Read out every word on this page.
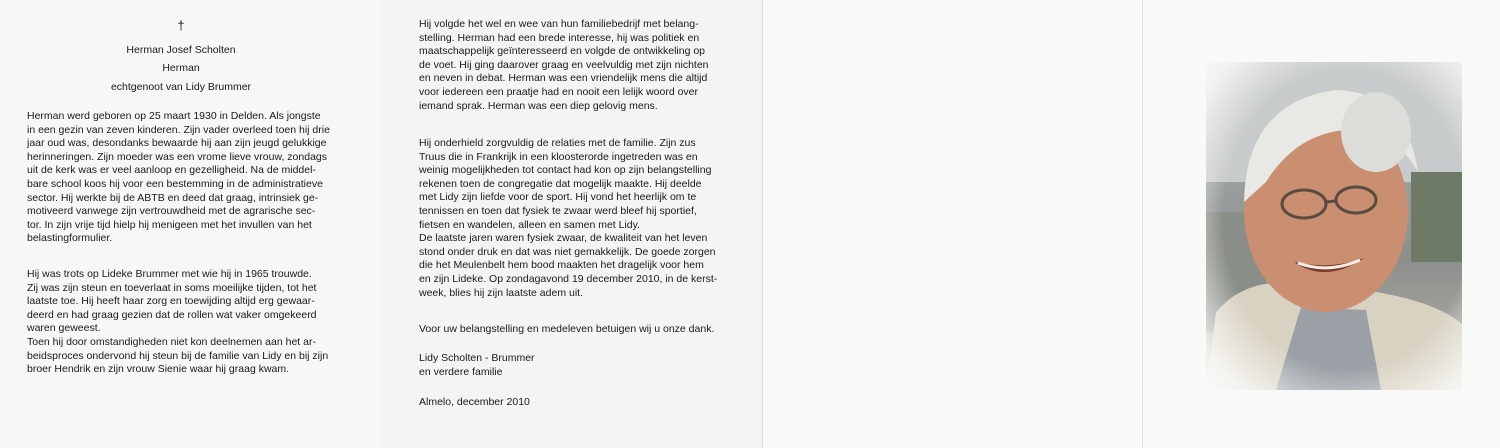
†
Herman Josef Scholten
Herman
echtgenoot van Lidy Brummer
Herman werd geboren op 25 maart 1930 in Delden. Als jongste
in een gezin van zeven kinderen. Zijn vader overleed toen hij drie
jaar oud was, desondanks bewaarde hij aan zijn jeugd gelukkige
herinneringen. Zijn moeder was een vrome lieve vrouw, zondags
uit de kerk was er veel aanloop en gezelligheid. Na de middel-
bare school koos hij voor een bestemming in de administratieve
sector. Hij werkte bij de ABTB en deed dat graag, intrinsiek ge-
motiveerd vanwege zijn vertrouwdheid met de agrarische sec-
tor. In zijn vrije tijd hielp hij menigeen met het invullen van het
belastingformulier.
Hij was trots op Lideke Brummer met wie hij in 1965 trouwde.
Zij was zijn steun en toeverlaat in soms moeilijke tijden, tot het
laatste toe. Hij heeft haar zorg en toewijding altijd erg gewaar-
deerd en had graag gezien dat de rollen wat vaker omgekeerd
waren geweest.
Toen hij door omstandigheden niet kon deelnemen aan het ar-
beidsproces ondervond hij steun bij de familie van Lidy en bij zijn
broer Hendrik en zijn vrouw Sienie waar hij graag kwam.
Hij volgde het wel en wee van hun familiebedrijf met belang-
stelling. Herman had een brede interesse, hij was politiek en
maatschappelijk geïnteresseerd en volgde de ontwikkeling op
de voet. Hij ging daarover graag en veelvuldig met zijn nichten
en neven in debat. Herman was een vriendelijk mens die altijd
voor iedereen een praatje had en nooit een lelijk woord over
iemand sprak. Herman was een diep gelovig mens.
Hij onderhield zorgvuldig de relaties met de familie. Zijn zus
Truus die in Frankrijk in een kloosterorde ingetreden was en
weinig mogelijkheden tot contact had kon op zijn belangstelling
rekenen toen de congregatie dat mogelijk maakte. Hij deelde
met Lidy zijn liefde voor de sport. Hij vond het heerlijk om te
tennissen en toen dat fysiek te zwaar werd bleef hij sportief,
fietsen en wandelen, alleen en samen met Lidy.
De laatste jaren waren fysiek zwaar, de kwaliteit van het leven
stond onder druk en dat was niet gemakkelijk. De goede zorgen
die het Meulenbelt hem bood maakten het dragelijk voor hem
en zijn Lideke. Op zondagavond 19 december 2010, in de kerst-
week, blies hij zijn laatste adem uit.
Voor uw belangstelling en medeleven betuigen wij u onze dank.
Lidy Scholten - Brummer
en verdere familie
Almelo, december 2010
